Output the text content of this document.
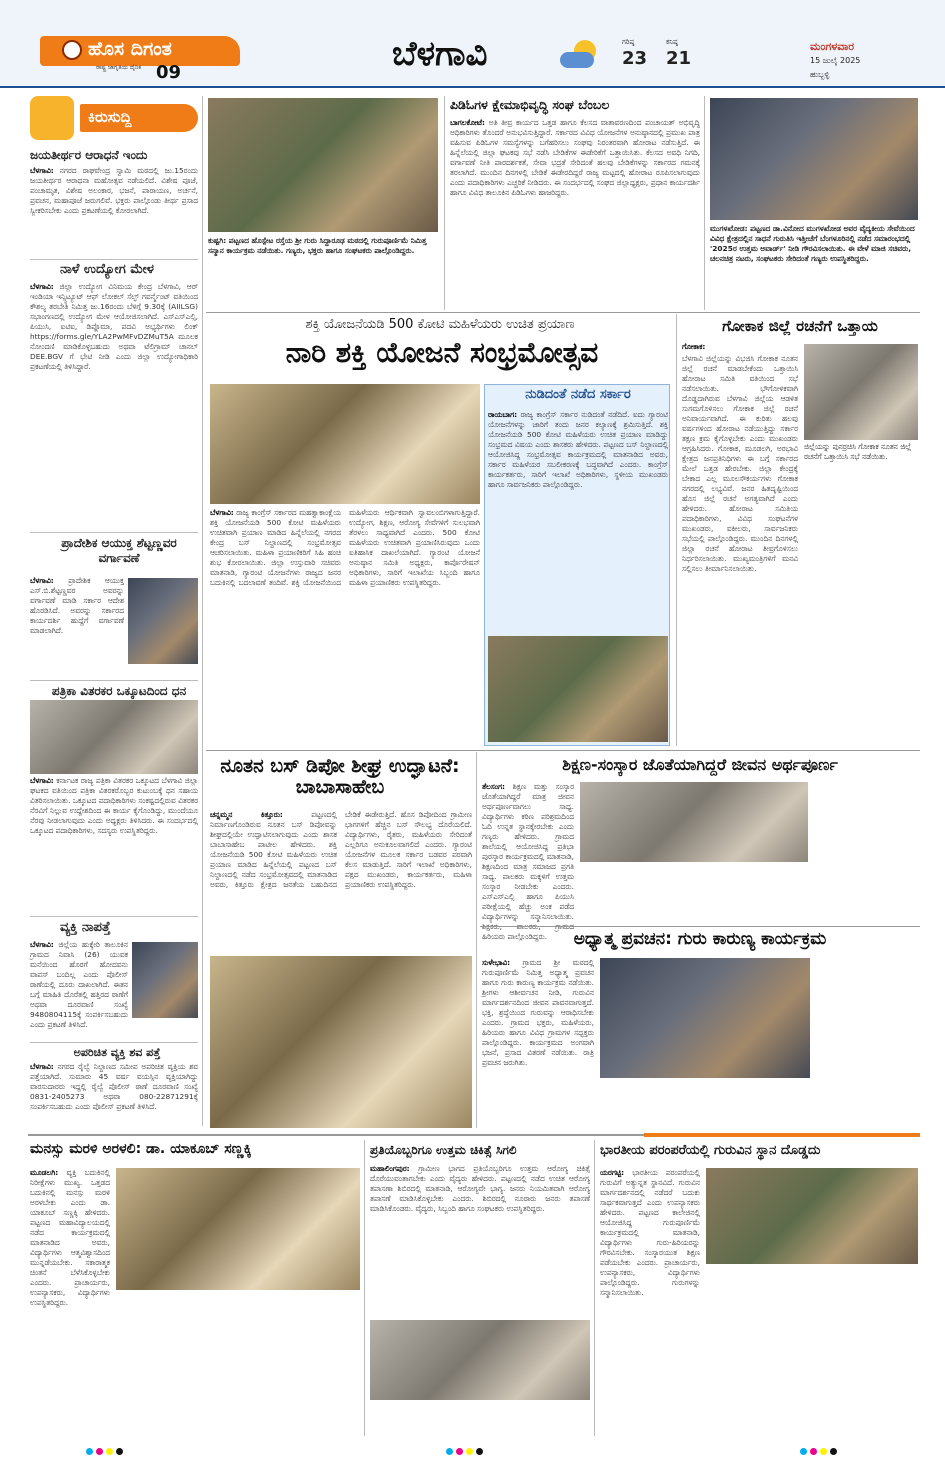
ಹೊಸ ದಿಗಂತ
ರಾಷ್ಟ್ರ ಜಾಗೃತಿಯ ದೈನಿಕ 09	ಬೆಳಗಾವಿ	ಗರಿಷ್ಠ
23
ಕನಿಷ್ಠ
21
ಮಂಗಳವಾರ
15 ಜುಲೈ 2025
ಹುಬ್ಬಳ್ಳಿ
ಕಿರುಸುದ್ದಿ
ಜಯತೀರ್ಥರ ಆರಾಧನೆ ಇಂದು
ಬೆಳಗಾವಿ: ನಗರದ ರಾಘವೇಂದ್ರ ಸ್ವಾಮಿ ಮಠದಲ್ಲಿ ಜು.15ರಂದು ಜಯತೀರ್ಥರ ಆರಾಧನಾ ಮಹೋತ್ಸವ ನಡೆಯಲಿದೆ. ವಿಶೇಷ ಪೂಜೆ, ಪಂಚಾಮೃತ, ವಿಶೇಷ ಅಲಂಕಾರ, ಭಜನೆ, ಪಾರಾಯಣ, ಅರ್ಚನೆ, ಪ್ರವಚನ, ಮಹಾಪೂಜೆ ಜರುಗಲಿವೆ. ಭಕ್ತರು ಪಾಲ್ಗೊಂಡು ತೀರ್ಥ ಪ್ರಸಾದ ಸ್ವೀಕರಿಸಬೇಕು ಎಂದು ಪ್ರಕಟಣೆಯಲ್ಲಿ ಕೋರಲಾಗಿದೆ.
ನಾಳೆ ಉದ್ಯೋಗ ಮೇಳ
ಬೆಳಗಾವಿ: ಜಿಲ್ಲಾ ಉದ್ಯೋಗ ವಿನಿಮಯ ಕೇಂದ್ರ ಬೆಳಗಾವಿ, ಆರ್ ಇಂಡಿಯಾ ಇನ್ಸ್ಟಿಟ್ಯೂಟ್ ಆಫ್ ಲೋಕಲ್ ಸೆಲ್ಫ್ ಗವರ್ನ್ಮೆಂಟ್ ವತಿಯಿಂದ ಕೌಶಲ್ಯ ತರಬೇತಿ ನಿಮಿತ್ತ ಜು.16ರಂದು ಬೆಳಿಗ್ಗೆ 9.30ಕ್ಕೆ (AIILSG) ಸಭಾಂಗಣದಲ್ಲಿ ಉದ್ಯೋಗ ಮೇಳ ಆಯೋಜಿಸಲಾಗಿದೆ. ಎಸ್ಎಸ್ಎಲ್ಸಿ, ಪಿಯುಸಿ, ಐಟಿಐ, ಡಿಪ್ಲೊಮಾ, ಪದವಿ ಅಭ್ಯರ್ಥಿಗಳು ಲಿಂಕ್ https://forms.gle/YLA2PwMFvDZMuT5A ಮೂಲಕ ನೋಂದಣಿ ಮಾಡಿಕೊಳ್ಳಬಹುದು ಅಥವಾ ಟೆಲಿಗ್ರಾಮ್ ಚಾನಲ್ DEE.BGV ಗೆ ಭೇಟಿ ನೀಡಿ ಎಂದು ಜಿಲ್ಲಾ ಉದ್ಯೋಗಾಧಿಕಾರಿ ಪ್ರಕಟಣೆಯಲ್ಲಿ ತಿಳಿಸಿದ್ದಾರೆ.
ಪ್ರಾದೇಶಿಕ ಆಯುಕ್ತ ಶೆಟ್ಟಣ್ಣವರ ವರ್ಗಾವಣೆ
ಬೆಳಗಾವಿ: ಪ್ರಾದೇಶಿಕ ಆಯುಕ್ತ ಎಸ್.ಬಿ.ಶೆಟ್ಟಣ್ಣವರ ಅವರನ್ನು ವರ್ಗಾವಣೆ ಮಾಡಿ ಸರ್ಕಾರ ಆದೇಶ ಹೊರಡಿಸಿದೆ. ಅವರನ್ನು ಸರ್ಕಾರದ ಕಾರ್ಯದರ್ಶಿ ಹುದ್ದೆಗೆ ವರ್ಗಾವಣೆ ಮಾಡಲಾಗಿದೆ.
ಪತ್ರಿಕಾ ವಿತರಕರ ಒಕ್ಕೂಟದಿಂದ ಧನ
ಬೆಳಗಾವಿ: ಕರ್ನಾಟಕ ರಾಜ್ಯ ಪತ್ರಿಕಾ ವಿತರಕರ ಒಕ್ಕೂಟದ ಬೆಳಗಾವಿ ಜಿಲ್ಲಾ ಘಟಕದ ವತಿಯಿಂದ ಪತ್ರಿಕಾ ವಿತರಕರೊಬ್ಬರ ಕುಟುಂಬಕ್ಕೆ ಧನ ಸಹಾಯ ವಿತರಿಸಲಾಯಿತು. ಒಕ್ಕೂಟದ ಪದಾಧಿಕಾರಿಗಳು ಸಂಕಷ್ಟದಲ್ಲಿರುವ ವಿತರಕರ ನೆರವಿಗೆ ನಿಲ್ಲುವ ಉದ್ದೇಶದಿಂದ ಈ ಕಾರ್ಯ ಕೈಗೊಂಡಿದ್ದು, ಮುಂದೆಯೂ ನೆರವು ನೀಡಲಾಗುವುದು ಎಂದು ಅಧ್ಯಕ್ಷರು ತಿಳಿಸಿದರು. ಈ ಸಂದರ್ಭದಲ್ಲಿ ಒಕ್ಕೂಟದ ಪದಾಧಿಕಾರಿಗಳು, ಸದಸ್ಯರು ಉಪಸ್ಥಿತರಿದ್ದರು.
ವ್ಯಕ್ತಿ ನಾಪತ್ತೆ
ಬೆಳಗಾವಿ: ಜಿಲ್ಲೆಯ ಹುಕ್ಕೇರಿ ತಾಲೂಕಿನ ಗ್ರಾಮದ ನಿವಾಸಿ (26) ಯುವಕ ಮನೆಯಿಂದ ಹೊರಗೆ ಹೋದವನು ವಾಪಸ್ ಬಂದಿಲ್ಲ ಎಂದು ಪೊಲೀಸ್ ಠಾಣೆಯಲ್ಲಿ ದೂರು ದಾಖಲಾಗಿದೆ. ಈತನ ಬಗ್ಗೆ ಮಾಹಿತಿ ದೊರೆತಲ್ಲಿ ಹತ್ತಿರದ ಠಾಣೆಗೆ ಅಥವಾ ದೂರವಾಣಿ ಸಂಖ್ಯೆ 9480804115ಕ್ಕೆ ಸಂಪರ್ಕಿಸಬಹುದು ಎಂದು ಪ್ರಕಟಣೆ ತಿಳಿಸಿದೆ.
ಅಪರಿಚಿತ ವ್ಯಕ್ತಿ ಶವ ಪತ್ತೆ
ಬೆಳಗಾವಿ: ನಗರದ ರೈಲ್ವೆ ನಿಲ್ದಾಣದ ಸಮೀಪ ಅಪರಿಚಿತ ವ್ಯಕ್ತಿಯ ಶವ ಪತ್ತೆಯಾಗಿದೆ. ಸುಮಾರು 45 ವರ್ಷ ವಯಸ್ಸಿನ ವ್ಯಕ್ತಿಯಾಗಿದ್ದು ವಾರಸುದಾರರು ಇದ್ದಲ್ಲಿ ರೈಲ್ವೆ ಪೊಲೀಸ್ ಠಾಣೆ ದೂರವಾಣಿ ಸಂಖ್ಯೆ 0831-2405273 ಅಥವಾ 080-22871291ಕ್ಕೆ ಸಂಪರ್ಕಿಸಬಹುದು ಎಂದು ಪೊಲೀಸ್ ಪ್ರಕಟಣೆ ತಿಳಿಸಿದೆ.
ಕುಷ್ಟಗಿ: ಪಟ್ಟಣದ ಹೊಸ್ಪೇಟ ರಸ್ತೆಯ ಶ್ರೀ ಗುರು ಸಿದ್ದಾರೂಢ ಮಠದಲ್ಲಿ ಗುರುಪೂರ್ಣಿಮೆ ನಿಮಿತ್ತ ಸನ್ಮಾನ ಕಾರ್ಯಕ್ರಮ ನಡೆಯಿತು. ಗಣ್ಯರು, ಭಕ್ತರು ಹಾಗೂ ಸಂಘಟಕರು ಪಾಲ್ಗೊಂಡಿದ್ದರು.
ಪಿಡಿಓಗಳ ಕ್ಷೇಮಾಭಿವೃದ್ಧಿ ಸಂಘ ಬೆಂಬಲ
ಬಾಗಲಕೋಟೆ: ಅತಿ ತೀವ್ರ ಕಾರ್ಯದ ಒತ್ತಡ ಹಾಗೂ ಕೆಲಸದ ವಾತಾವರಣದಿಂದ ಪಂಚಾಯತ್ ಅಭಿವೃದ್ಧಿ ಅಧಿಕಾರಿಗಳು ತೊಂದರೆ ಅನುಭವಿಸುತ್ತಿದ್ದಾರೆ. ಸರ್ಕಾರದ ವಿವಿಧ ಯೋಜನೆಗಳ ಅನುಷ್ಠಾನದಲ್ಲಿ ಪ್ರಮುಖ ಪಾತ್ರ ವಹಿಸುವ ಪಿಡಿಓಗಳ ಸಮಸ್ಯೆಗಳನ್ನು ಬಗೆಹರಿಸಲು ಸಂಘವು ನಿರಂತರವಾಗಿ ಹೋರಾಟ ನಡೆಸುತ್ತಿದೆ. ಈ ಹಿನ್ನೆಲೆಯಲ್ಲಿ ಜಿಲ್ಲಾ ಘಟಕವು ಸಭೆ ನಡೆಸಿ ಬೇಡಿಕೆಗಳ ಈಡೇರಿಕೆಗೆ ಒತ್ತಾಯಿಸಿತು. ಕೆಲಸದ ಅವಧಿ ನಿಗದಿ, ವರ್ಗಾವಣೆ ನೀತಿ ಪಾರದರ್ಶಕತೆ, ಸೇವಾ ಭದ್ರತೆ ಸೇರಿದಂತೆ ಹಲವು ಬೇಡಿಕೆಗಳನ್ನು ಸರ್ಕಾರದ ಗಮನಕ್ಕೆ ತರಲಾಗಿದೆ. ಮುಂದಿನ ದಿನಗಳಲ್ಲಿ ಬೇಡಿಕೆ ಈಡೇರದಿದ್ದರೆ ರಾಜ್ಯ ಮಟ್ಟದಲ್ಲಿ ಹೋರಾಟ ರೂಪಿಸಲಾಗುವುದು ಎಂದು ಪದಾಧಿಕಾರಿಗಳು ಎಚ್ಚರಿಕೆ ನೀಡಿದರು. ಈ ಸಂದರ್ಭದಲ್ಲಿ ಸಂಘದ ಜಿಲ್ಲಾಧ್ಯಕ್ಷರು, ಪ್ರಧಾನ ಕಾರ್ಯದರ್ಶಿ ಹಾಗೂ ವಿವಿಧ ತಾಲೂಕಿನ ಪಿಡಿಓಗಳು ಹಾಜರಿದ್ದರು.
ಮುಗಳಖೋಡ: ಪಟ್ಟಣದ ಡಾ.ವಿನೋದ ಮುಗಳಖೋಡ ಅವರ ವೈದ್ಯಕೀಯ ಸೇವೆಯಿಂದ ವಿವಿಧ ಕ್ಷೇತ್ರದಲ್ಲಿನ ಸಾಧನೆ ಗುರುತಿಸಿ ಇತ್ತೀಚೆಗೆ ಬೆಂಗಳೂರಿನಲ್ಲಿ ನಡೆದ ಸಮಾರಂಭದಲ್ಲಿ '2025ರ ಉತ್ತಮ ಅವಾರ್ಡ್' ನೀಡಿ ಗೌರವಿಸಲಾಯಿತು. ಈ ವೇಳೆ ಮಾಜಿ ಸಚಿವರು, ಚಲನಚಿತ್ರ ನಟರು, ಸಂಘಟಕರು ಸೇರಿದಂತೆ ಗಣ್ಯರು ಉಪಸ್ಥಿತರಿದ್ದರು.
ಶಕ್ತಿ ಯೋಜನೆಯಡಿ 500 ಕೋಟಿ ಮಹಿಳೆಯರು ಉಚಿತ ಪ್ರಯಾಣ
ನಾರಿ ಶಕ್ತಿ ಯೋಜನೆ ಸಂಭ್ರಮೋತ್ಸವ
ಬೆಳಗಾವಿ: ರಾಜ್ಯ ಕಾಂಗ್ರೆಸ್ ಸರ್ಕಾರದ ಮಹತ್ವಾಕಾಂಕ್ಷೆಯ ಶಕ್ತಿ ಯೋಜನೆಯಡಿ 500 ಕೋಟಿ ಮಹಿಳೆಯರು ಉಚಿತವಾಗಿ ಪ್ರಯಾಣ ಮಾಡಿದ ಹಿನ್ನೆಲೆಯಲ್ಲಿ ನಗರದ ಕೇಂದ್ರ ಬಸ್ ನಿಲ್ದಾಣದಲ್ಲಿ ಸಂಭ್ರಮೋತ್ಸವ ಆಚರಿಸಲಾಯಿತು. ಮಹಿಳಾ ಪ್ರಯಾಣಿಕರಿಗೆ ಸಿಹಿ ಹಂಚಿ ಶುಭ ಕೋರಲಾಯಿತು. ಜಿಲ್ಲಾ ಉಸ್ತುವಾರಿ ಸಚಿವರು ಮಾತನಾಡಿ, ಗ್ಯಾರಂಟಿ ಯೋಜನೆಗಳು ರಾಜ್ಯದ ಜನರ ಬದುಕಿನಲ್ಲಿ ಬದಲಾವಣೆ ತಂದಿವೆ. ಶಕ್ತಿ ಯೋಜನೆಯಿಂದ ಮಹಿಳೆಯರು ಆರ್ಥಿಕವಾಗಿ ಸ್ವಾವಲಂಬಿಗಳಾಗುತ್ತಿದ್ದಾರೆ. ಉದ್ಯೋಗ, ಶಿಕ್ಷಣ, ಆರೋಗ್ಯ ಸೇವೆಗಳಿಗೆ ಸುಲಭವಾಗಿ ತೆರಳಲು ಸಾಧ್ಯವಾಗಿದೆ ಎಂದರು. 500 ಕೋಟಿ ಮಹಿಳೆಯರು ಉಚಿತವಾಗಿ ಪ್ರಯಾಣಿಸಿರುವುದು ಒಂದು ಐತಿಹಾಸಿಕ ದಾಖಲೆಯಾಗಿದೆ. ಗ್ಯಾರಂಟಿ ಯೋಜನೆ ಅನುಷ್ಠಾನ ಸಮಿತಿ ಅಧ್ಯಕ್ಷರು, ಕಾರ್ಪೊರೇಷನ್ ಅಧಿಕಾರಿಗಳು, ಸಾರಿಗೆ ಇಲಾಖೆಯ ಸಿಬ್ಬಂದಿ ಹಾಗೂ ಮಹಿಳಾ ಪ್ರಯಾಣಿಕರು ಉಪಸ್ಥಿತರಿದ್ದರು.
ನುಡಿದಂತೆ ನಡೆದ ಸರ್ಕಾರ
ರಾಯಬಾಗ: ರಾಜ್ಯ ಕಾಂಗ್ರೆಸ್ ಸರ್ಕಾರ ನುಡಿದಂತೆ ನಡೆದಿದೆ. ಐದು ಗ್ಯಾರಂಟಿ ಯೋಜನೆಗಳನ್ನು ಜಾರಿಗೆ ತಂದು ಜನರ ಕಲ್ಯಾಣಕ್ಕೆ ಶ್ರಮಿಸುತ್ತಿದೆ. ಶಕ್ತಿ ಯೋಜನೆಯಡಿ 500 ಕೋಟಿ ಮಹಿಳೆಯರು ಉಚಿತ ಪ್ರಯಾಣ ಮಾಡಿದ್ದು ಸಂಭ್ರಮದ ವಿಷಯ ಎಂದು ಶಾಸಕರು ಹೇಳಿದರು. ಪಟ್ಟಣದ ಬಸ್ ನಿಲ್ದಾಣದಲ್ಲಿ ಆಯೋಜಿಸಿದ್ದ ಸಂಭ್ರಮೋತ್ಸವ ಕಾರ್ಯಕ್ರಮದಲ್ಲಿ ಮಾತನಾಡಿದ ಅವರು, ಸರ್ಕಾರ ಮಹಿಳೆಯರ ಸಬಲೀಕರಣಕ್ಕೆ ಬದ್ಧವಾಗಿದೆ ಎಂದರು. ಕಾಂಗ್ರೆಸ್ ಕಾರ್ಯಕರ್ತರು, ಸಾರಿಗೆ ಇಲಾಖೆ ಅಧಿಕಾರಿಗಳು, ಸ್ಥಳೀಯ ಮುಖಂಡರು ಹಾಗೂ ಸಾರ್ವಜನಿಕರು ಪಾಲ್ಗೊಂಡಿದ್ದರು.
ಗೋಕಾಕ ಜಿಲ್ಲೆ ರಚನೆಗೆ ಒತ್ತಾಯ
ಗೋಕಾಕ:
ಜಿಲ್ಲೆಯನ್ನು ಪುನರ್ರಚಿಸಿ ಗೋಕಾಕ ನೂತನ ಜಿಲ್ಲೆ ರಚನೆಗೆ ಒತ್ತಾಯಿಸಿ ಸಭೆ ನಡೆಯಿತು.
ಬೆಳಗಾವಿ ಜಿಲ್ಲೆಯನ್ನು ವಿಭಜಿಸಿ ಗೋಕಾಕ ನೂತನ ಜಿಲ್ಲೆ ರಚನೆ ಮಾಡಬೇಕೆಂದು ಒತ್ತಾಯಿಸಿ ಹೋರಾಟ ಸಮಿತಿ ವತಿಯಿಂದ ಸಭೆ ನಡೆಸಲಾಯಿತು. ಭೌಗೋಳಿಕವಾಗಿ ದೊಡ್ಡದಾಗಿರುವ ಬೆಳಗಾವಿ ಜಿಲ್ಲೆಯ ಆಡಳಿತ ಸುಗಮಗೊಳಿಸಲು ಗೋಕಾಕ ಜಿಲ್ಲೆ ರಚನೆ ಅನಿವಾರ್ಯವಾಗಿದೆ. ಈ ಕುರಿತು ಹಲವು ವರ್ಷಗಳಿಂದ ಹೋರಾಟ ನಡೆಯುತ್ತಿದ್ದು ಸರ್ಕಾರ ತಕ್ಷಣ ಕ್ರಮ ಕೈಗೊಳ್ಳಬೇಕು ಎಂದು ಮುಖಂಡರು ಆಗ್ರಹಿಸಿದರು. ಗೋಕಾಕ, ಮೂಡಲಗಿ, ಅರಭಾವಿ ಕ್ಷೇತ್ರದ ಜನಪ್ರತಿನಿಧಿಗಳು ಈ ಬಗ್ಗೆ ಸರ್ಕಾರದ ಮೇಲೆ ಒತ್ತಡ ಹೇರಬೇಕು. ಜಿಲ್ಲಾ ಕೇಂದ್ರಕ್ಕೆ ಬೇಕಾದ ಎಲ್ಲ ಮೂಲಸೌಕರ್ಯಗಳು ಗೋಕಾಕ ನಗರದಲ್ಲಿ ಲಭ್ಯವಿವೆ. ಜನರ ಹಿತದೃಷ್ಟಿಯಿಂದ ಹೊಸ ಜಿಲ್ಲೆ ರಚನೆ ಅಗತ್ಯವಾಗಿದೆ ಎಂದು ಹೇಳಿದರು. ಹೋರಾಟ ಸಮಿತಿಯ ಪದಾಧಿಕಾರಿಗಳು, ವಿವಿಧ ಸಂಘಟನೆಗಳ ಮುಖಂಡರು, ವಕೀಲರು, ಸಾರ್ವಜನಿಕರು ಸಭೆಯಲ್ಲಿ ಪಾಲ್ಗೊಂಡಿದ್ದರು. ಮುಂದಿನ ದಿನಗಳಲ್ಲಿ ಜಿಲ್ಲಾ ರಚನೆ ಹೋರಾಟ ತೀವ್ರಗೊಳಿಸಲು ನಿರ್ಧರಿಸಲಾಯಿತು. ಮುಖ್ಯಮಂತ್ರಿಗಳಿಗೆ ಮನವಿ ಸಲ್ಲಿಸಲು ತೀರ್ಮಾನಿಸಲಾಯಿತು.
ನೂತನ ಬಸ್ ಡಿಪೋ ಶೀಘ್ರ ಉದ್ಘಾಟನೆ: ಬಾಬಾಸಾಹೇಬ
ಚನ್ನಮ್ಮನ ಕಿತ್ತೂರು:	ಪಟ್ಟಣದಲ್ಲಿ ನಿರ್ಮಾಣಗೊಂಡಿರುವ ನೂತನ ಬಸ್ ಡಿಪೋವನ್ನು ಶೀಘ್ರದಲ್ಲಿಯೇ ಉದ್ಘಾಟಿಸಲಾಗುವುದು ಎಂದು ಶಾಸಕ ಬಾಬಾಸಾಹೇಬ ಪಾಟೀಲ ಹೇಳಿದರು. ಶಕ್ತಿ ಯೋಜನೆಯಡಿ 500 ಕೋಟಿ ಮಹಿಳೆಯರು ಉಚಿತ ಪ್ರಯಾಣ ಮಾಡಿದ ಹಿನ್ನೆಲೆಯಲ್ಲಿ ಪಟ್ಟಣದ ಬಸ್ ನಿಲ್ದಾಣದಲ್ಲಿ ನಡೆದ ಸಂಭ್ರಮೋತ್ಸವದಲ್ಲಿ ಮಾತನಾಡಿದ ಅವರು, ಕಿತ್ತೂರು ಕ್ಷೇತ್ರದ ಜನತೆಯ ಬಹುದಿನದ ಬೇಡಿಕೆ ಈಡೇರುತ್ತಿದೆ. ಹೊಸ ಡಿಪೋದಿಂದ ಗ್ರಾಮೀಣ ಭಾಗಗಳಿಗೆ ಹೆಚ್ಚಿನ ಬಸ್ ಸೌಲಭ್ಯ ದೊರೆಯಲಿದೆ. ವಿದ್ಯಾರ್ಥಿಗಳು, ರೈತರು, ಮಹಿಳೆಯರು ಸೇರಿದಂತೆ ಎಲ್ಲರಿಗೂ ಅನುಕೂಲವಾಗಲಿದೆ ಎಂದರು. ಗ್ಯಾರಂಟಿ ಯೋಜನೆಗಳ ಮೂಲಕ ಸರ್ಕಾರ ಬಡವರ ಪರವಾಗಿ ಕೆಲಸ ಮಾಡುತ್ತಿದೆ. ಸಾರಿಗೆ ಇಲಾಖೆ ಅಧಿಕಾರಿಗಳು, ಪಕ್ಷದ ಮುಖಂಡರು, ಕಾರ್ಯಕರ್ತರು, ಮಹಿಳಾ ಪ್ರಯಾಣಿಕರು ಉಪಸ್ಥಿತರಿದ್ದರು.
ಶಿಕ್ಷಣ-ಸಂಸ್ಕಾರ ಜೊತೆಯಾಗಿದ್ದರೆ ಜೀವನ ಅರ್ಥಪೂರ್ಣ
ತೆಲಸಂಗ: ಶಿಕ್ಷಣ ಮತ್ತು ಸಂಸ್ಕಾರ ಜೊತೆಯಾಗಿದ್ದರೆ ಮಾತ್ರ ಜೀವನ ಅರ್ಥಪೂರ್ಣವಾಗಲು ಸಾಧ್ಯ. ವಿದ್ಯಾರ್ಥಿಗಳು ಕಠಿಣ ಪರಿಶ್ರಮದಿಂದ ಓದಿ ಉನ್ನತ ಸ್ಥಾನಕ್ಕೇರಬೇಕು ಎಂದು ಗಣ್ಯರು ಹೇಳಿದರು. ಗ್ರಾಮದ ಶಾಲೆಯಲ್ಲಿ ಆಯೋಜಿಸಿದ್ದ ಪ್ರತಿಭಾ ಪುರಸ್ಕಾರ ಕಾರ್ಯಕ್ರಮದಲ್ಲಿ ಮಾತನಾಡಿ, ಶಿಕ್ಷಣದಿಂದ ಮಾತ್ರ ಸಮಾಜದ ಪ್ರಗತಿ ಸಾಧ್ಯ. ಪಾಲಕರು ಮಕ್ಕಳಿಗೆ ಉತ್ತಮ ಸಂಸ್ಕಾರ ನೀಡಬೇಕು ಎಂದರು. ಎಸ್ಎಸ್ಎಲ್ಸಿ ಹಾಗೂ ಪಿಯುಸಿ ಪರೀಕ್ಷೆಯಲ್ಲಿ ಹೆಚ್ಚು ಅಂಕ ಪಡೆದ ವಿದ್ಯಾರ್ಥಿಗಳನ್ನು ಸನ್ಮಾನಿಸಲಾಯಿತು.    ಹಿರಿಯರು ಪಾಲ್ಗೊಂಡಿದ್ದರು.	ಅಧ್ಯಾತ್ಮ ಪ್ರವಚನ: ಗುರು ಕಾರುಣ್ಯ ಕಾರ್ಯಕ್ರಮ
ಸುಳೇಭಾವಿ: ಗ್ರಾಮದ ಶ್ರೀ ಮಠದಲ್ಲಿ ಗುರುಪೂರ್ಣಿಮೆ ನಿಮಿತ್ತ ಅಧ್ಯಾತ್ಮ ಪ್ರವಚನ ಹಾಗೂ ಗುರು ಕಾರುಣ್ಯ ಕಾರ್ಯಕ್ರಮ ನಡೆಯಿತು. ಶ್ರೀಗಳು ಆಶೀರ್ವಚನ ನೀಡಿ, ಗುರುವಿನ ಮಾರ್ಗದರ್ಶನದಿಂದ ಜೀವನ ಪಾವನವಾಗುತ್ತದೆ. ಭಕ್ತಿ, ಶ್ರದ್ಧೆಯಿಂದ ಗುರುವನ್ನು ಆರಾಧಿಸಬೇಕು ಎಂದರು. ಗ್ರಾಮದ ಭಕ್ತರು, ಮಹಿಳೆಯರು, ಹಿರಿಯರು ಹಾಗೂ ವಿವಿಧ ಗ್ರಾಮಗಳ ಸದ್ಭಕ್ತರು ಪಾಲ್ಗೊಂಡಿದ್ದರು. ಕಾರ್ಯಕ್ರಮದ ಅಂಗವಾಗಿ ಭಜನೆ, ಪ್ರಸಾದ ವಿತರಣೆ ನಡೆಯಿತು. ರಾತ್ರಿ ಪ್ರವಚನ ಜರುಗಿತು.
ಮನಸ್ಸು ಮರಳಿ ಅರಳಲಿ: ಡಾ. ಯಾಕೂಬ್ ಸಣ್ಣಕ್ಕಿ
ಮೂಡಲಗಿ: ವ್ಯಕ್ತಿ ಬದುಕಿನಲ್ಲಿ ನಿರೀಕ್ಷೆಗಳು ಮುಖ್ಯ. ಒತ್ತಡದ ಬದುಕಿನಲ್ಲಿ ಮನಸ್ಸು ಮರಳಿ ಅರಳಬೇಕು ಎಂದು ಡಾ. ಯಾಕೂಬ್ ಸಣ್ಣಕ್ಕಿ ಹೇಳಿದರು. ಪಟ್ಟಣದ ಮಹಾವಿದ್ಯಾಲಯದಲ್ಲಿ ನಡೆದ ಕಾರ್ಯಕ್ರಮದಲ್ಲಿ ಮಾತನಾಡಿದ ಅವರು, ವಿದ್ಯಾರ್ಥಿಗಳು ಆತ್ಮವಿಶ್ವಾಸದಿಂದ ಮುನ್ನಡೆಯಬೇಕು. ಸಕಾರಾತ್ಮಕ ಚಿಂತನೆ ಬೆಳೆಸಿಕೊಳ್ಳಬೇಕು ಎಂದರು. ಪ್ರಾಚಾರ್ಯರು, ಉಪನ್ಯಾಸಕರು, ವಿದ್ಯಾರ್ಥಿಗಳು ಉಪಸ್ಥಿತರಿದ್ದರು.
ಪ್ರತಿಯೊಬ್ಬರಿಗೂ ಉತ್ತಮ ಚಿಕಿತ್ಸೆ ಸಿಗಲಿ
ಮಹಾಲಿಂಗಪುರ: ಗ್ರಾಮೀಣ ಭಾಗದ ಪ್ರತಿಯೊಬ್ಬರಿಗೂ ಉತ್ತಮ ಆರೋಗ್ಯ ಚಿಕಿತ್ಸೆ ದೊರೆಯುವಂತಾಗಬೇಕು ಎಂದು ವೈದ್ಯರು ಹೇಳಿದರು. ಪಟ್ಟಣದಲ್ಲಿ ನಡೆದ ಉಚಿತ ಆರೋಗ್ಯ ತಪಾಸಣಾ ಶಿಬಿರದಲ್ಲಿ ಮಾತನಾಡಿ, ಆರೋಗ್ಯವೇ ಭಾಗ್ಯ. ಜನರು ನಿಯಮಿತವಾಗಿ ಆರೋಗ್ಯ ತಪಾಸಣೆ ಮಾಡಿಸಿಕೊಳ್ಳಬೇಕು ಎಂದರು. ಶಿಬಿರದಲ್ಲಿ ನೂರಾರು ಜನರು ತಪಾಸಣೆ ಮಾಡಿಸಿಕೊಂಡರು. ವೈದ್ಯರು, ಸಿಬ್ಬಂದಿ ಹಾಗೂ ಸಂಘಟಕರು ಉಪಸ್ಥಿತರಿದ್ದರು.
ಭಾರತೀಯ ಪರಂಪರೆಯಲ್ಲಿ ಗುರುವಿನ ಸ್ಥಾನ ದೊಡ್ಡದು
ಯರಗಟ್ಟಿ: ಭಾರತೀಯ ಪರಂಪರೆಯಲ್ಲಿ ಗುರುವಿಗೆ ಅತ್ಯುನ್ನತ ಸ್ಥಾನವಿದೆ. ಗುರುವಿನ ಮಾರ್ಗದರ್ಶನದಲ್ಲಿ ನಡೆದರೆ ಬದುಕು ಸಾರ್ಥಕವಾಗುತ್ತದೆ ಎಂದು ಉಪನ್ಯಾಸಕರು ಹೇಳಿದರು. ಪಟ್ಟಣದ ಕಾಲೇಜಿನಲ್ಲಿ ಆಯೋಜಿಸಿದ್ದ ಗುರುಪೂರ್ಣಿಮೆ ಕಾರ್ಯಕ್ರಮದಲ್ಲಿ ಮಾತನಾಡಿ, ವಿದ್ಯಾರ್ಥಿಗಳು ಗುರು-ಹಿರಿಯರನ್ನು ಗೌರವಿಸಬೇಕು. ಸಂಸ್ಕಾರಯುತ ಶಿಕ್ಷಣ ಪಡೆಯಬೇಕು ಎಂದರು. ಪ್ರಾಚಾರ್ಯರು, ಉಪನ್ಯಾಸಕರು, ವಿದ್ಯಾರ್ಥಿಗಳು ಪಾಲ್ಗೊಂಡಿದ್ದರು. ಗುರುಗಳನ್ನು ಸನ್ಮಾನಿಸಲಾಯಿತು.
